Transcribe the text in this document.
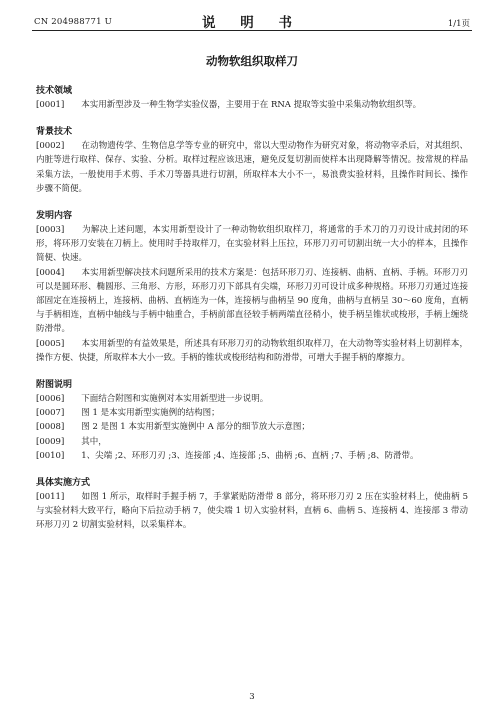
CN 204988771 U	说 明 书	1/1页
动物软组织取样刀
技术领域
[0001]　　本实用新型涉及一种生物学实验仪器，主要用于在 RNA 提取等实验中采集动物软组织等。
背景技术
[0002]　　在动物遗传学、生物信息学等专业的研究中，常以大型动物作为研究对象，将动物宰杀后，对其组织、内脏等进行取样、保存、实验、分析。取样过程应该迅速，避免反复切割而使样本出现降解等情况。按常规的样品采集方法，一般使用手术剪、手术刀等器具进行切割，所取样本大小不一，易浪费实验材料，且操作时间长、操作步骤不简便。
发明内容
[0003]　　为解决上述问题，本实用新型设计了一种动物软组织取样刀，将通常的手术刀的刀刃设计成封闭的环形，将环形刀安装在刀柄上。使用时手持取样刀，在实验材料上压拉，环形刀刃可切割出统一大小的样本，且操作简便、快速。
[0004]　　本实用新型解决技术问题所采用的技术方案是：包括环形刀刃、连接柄、曲柄、直柄、手柄。环形刀刃可以是圆环形、椭圆形、三角形、方形，环形刀刃下部具有尖端，环形刀刃可设计成多种规格。环形刀刃通过连接部固定在连接柄上，连接柄、曲柄、直柄连为一体，连接柄与曲柄呈 90 度角，曲柄与直柄呈 30～60 度角，直柄与手柄相连，直柄中轴线与手柄中轴重合，手柄前部直径较手柄两端直径稍小，使手柄呈锥状或梭形，手柄上缠绕防滑带。
[0005]　　本实用新型的有益效果是，所述具有环形刀刃的动物软组织取样刀，在大动物等实验材料上切割样本，操作方便、快捷，所取样本大小一致。手柄的锥状或梭形结构和防滑带，可增大手握手柄的摩擦力。
附图说明
[0006]　　下面结合附图和实施例对本实用新型进一步说明。
[0007]　　图 1 是本实用新型实施例的结构图；
[0008]　　图 2 是图 1 本实用新型实施例中 A 部分的细节放大示意图；
[0009]　　其中，
[0010]　　1、尖端 ;2、环形刀刃 ;3、连接部 ;4、连接部 ;5、曲柄 ;6、直柄 ;7、手柄 ;8、防滑带。
具体实施方式
[0011]　　如图 1 所示，取样时手握手柄 7，手掌紧贴防滑带 8 部分，将环形刀刃 2 压在实验材料上，使曲柄 5 与实验材料大致平行，略向下后拉动手柄 7，使尖端 1 切入实验材料，直柄 6、曲柄 5、连接柄 4、连接部 3 带动环形刀刃 2 切割实验材料，以采集样本。
3
